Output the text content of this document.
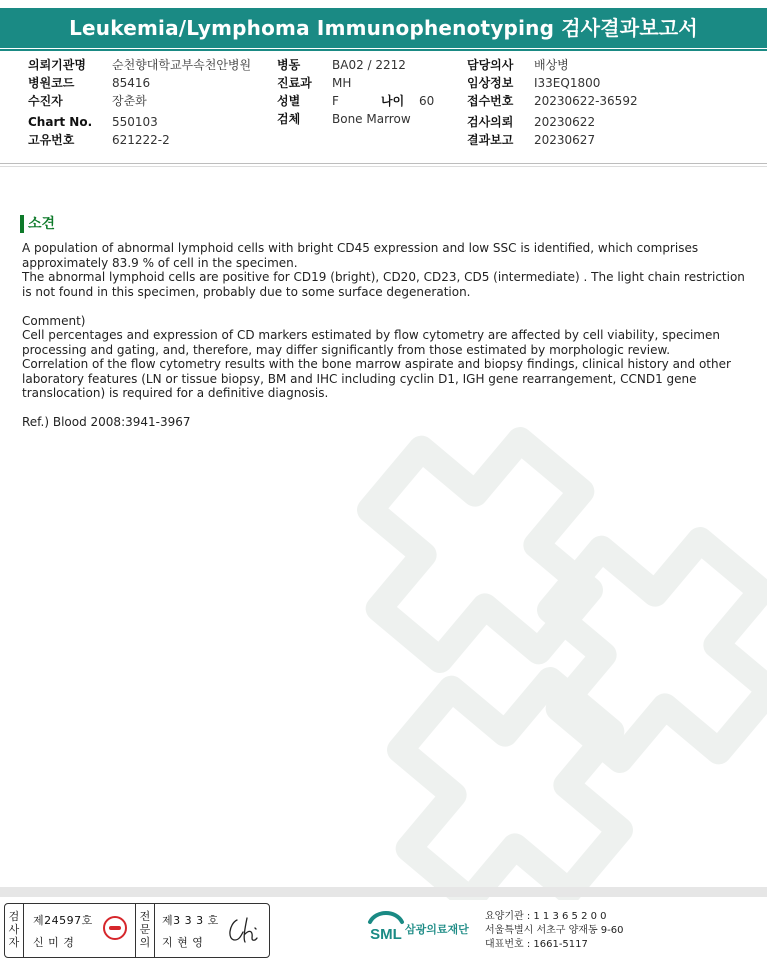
Leukemia/Lymphoma Immunophenotyping 검사결과보고서
의뢰기관명 순천향대학교부속천안병원
병원코드	85416
수진자	장춘화
Chart No. 550103
고유번호	621222-2
병동	BA02 / 2212
진료과 MH
성별	F	나이 60
검체	Bone Marrow
담당의사 배상병
임상정보 I33EQ1800
접수번호 20230622-36592
검사의뢰 20230622
결과보고 20230627
소견

A population of abnormal lymphoid cells with bright CD45 expression and low SSC is identified, which comprises approximately 83.9 % of cell in the specimen.

The abnormal lymphoid cells are positive for CD19 (bright), CD20, CD23, CD5 (intermediate) . The light chain restriction is not found in this specimen, probably due to some surface degeneration.

Comment)

Cell percentages and expression of CD markers estimated by flow cytometry are affected by cell viability, specimen processing and gating, and, therefore, may differ significantly from those estimated by morphologic review.

Correlation of the flow cytometry results with the bone marrow aspirate and biopsy findings, clinical history and other laboratory features (LN or tissue biopsy, BM and IHC including cyclin D1, IGH gene rearrangement, CCND1 gene translocation) is required for a definitive diagnosis.

Ref.) Blood 2008:3941-3967

검
사
자
제24597호
신 미 경
전
문
의
제3 3 3 호
지 현 영	SML 삼광의료재단
요양기관 : 1 1 3 6 5 2 0 0
서울특별시 서초구 양재동 9-60
대표번호 : 1661-5117
